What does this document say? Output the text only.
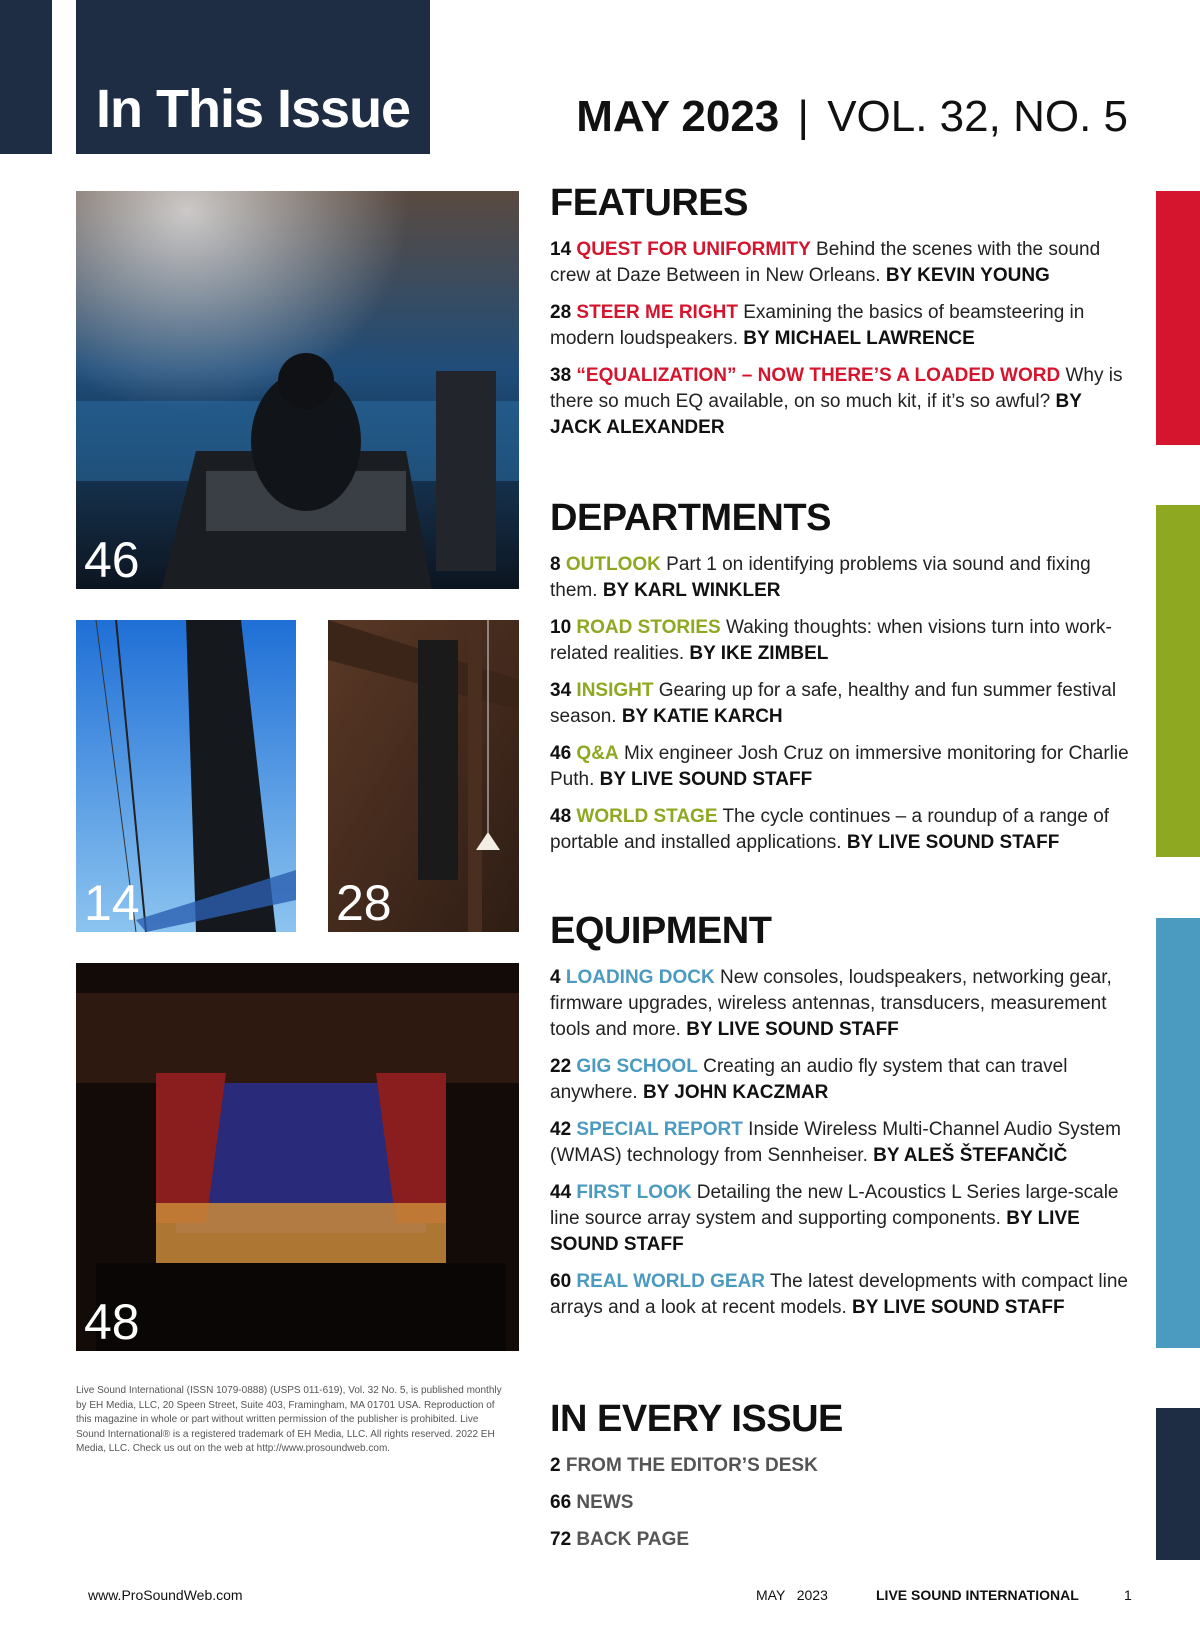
In This Issue	MAY 2023 | VOL. 32, NO. 5
46
14	28
48
Live Sound International (ISSN 1079-0888) (USPS 011-619), Vol. 32 No. 5, is published monthly by EH Media, LLC, 20 Speen Street, Suite 403, Framingham, MA 01701 USA. Reproduction of this magazine in whole or part without written permission of the publisher is prohibited. Live Sound International® is a registered trademark of EH Media, LLC. All rights reserved. 2022 EH Media, LLC. Check us out on the web at http://www.prosoundweb.com.
FEATURES
14 QUEST FOR UNIFORMITY Behind the scenes with the sound crew at Daze Between in New Orleans. BY KEVIN YOUNG
28 STEER ME RIGHT Examining the basics of beamsteering in modern loudspeakers. BY MICHAEL LAWRENCE
38 “EQUALIZATION” – NOW THERE’S A LOADED WORD Why is there so much EQ available, on so much kit, if it’s so awful? BY JACK ALEXANDER
DEPARTMENTS
8 OUTLOOK Part 1 on identifying problems via sound and fixing them. BY KARL WINKLER
10 ROAD STORIES Waking thoughts: when visions turn into work-related realities. BY IKE ZIMBEL
34 INSIGHT Gearing up for a safe, healthy and fun summer festival season. BY KATIE KARCH
46 Q&A Mix engineer Josh Cruz on immersive monitoring for Charlie Puth. BY LIVE SOUND STAFF
48 WORLD STAGE The cycle continues – a roundup of a range of portable and installed applications. BY LIVE SOUND STAFF
EQUIPMENT
4 LOADING DOCK New consoles, loudspeakers, networking gear, firmware upgrades, wireless antennas, transducers, measurement tools and more. BY LIVE SOUND STAFF
22 GIG SCHOOL Creating an audio fly system that can travel anywhere. BY JOHN KACZMAR
42 SPECIAL REPORT Inside Wireless Multi-Channel Audio System (WMAS) technology from Sennheiser. BY ALEŠ ŠTEFANČIČ
44 FIRST LOOK Detailing the new L-Acoustics L Series large-scale line source array system and supporting components. BY LIVE SOUND STAFF
60 REAL WORLD GEAR The latest developments with compact line arrays and a look at recent models. BY LIVE SOUND STAFF
IN EVERY ISSUE
2 FROM THE EDITOR’S DESK
66 NEWS
72 BACK PAGE
www.ProSoundWeb.com	MAY   2023	LIVE SOUND INTERNATIONAL	1
